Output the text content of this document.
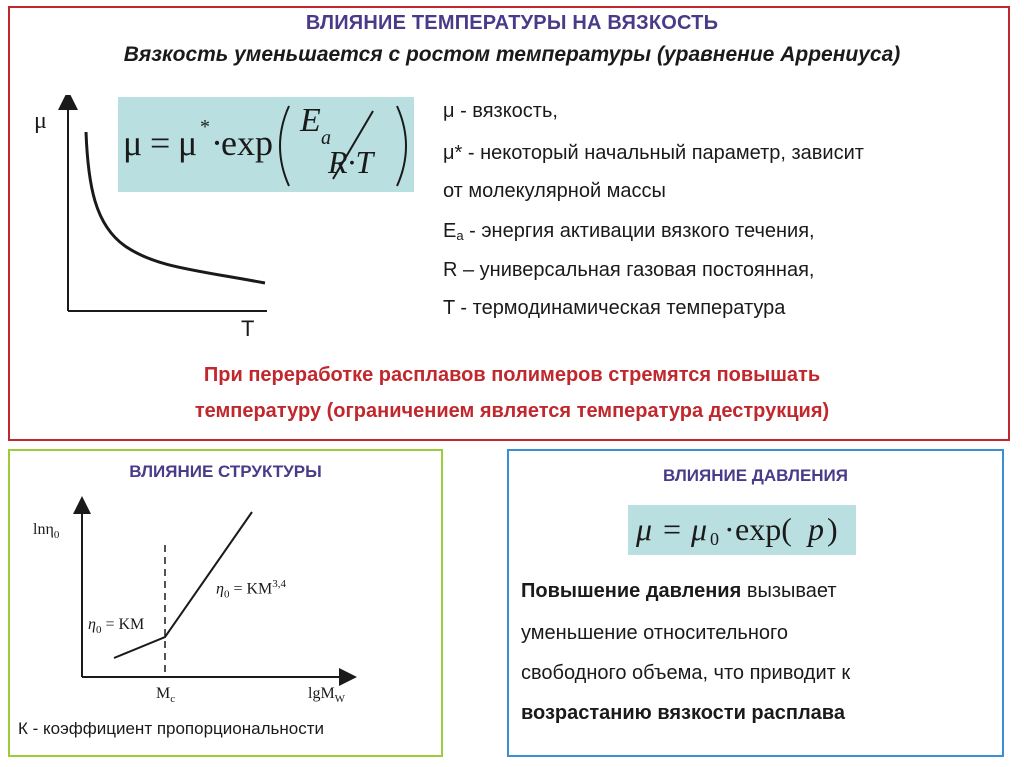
ВЛИЯНИЕ ТЕМПЕРАТУРЫ НА ВЯЗКОСТЬ
Вязкость уменьшается с ростом температуры (уравнение Аррениуса)
μ
T
μ = μ * ·
exp
E a
R·T
μ - вязкость,
μ* - некоторый начальный параметр, зависит
от молекулярной массы
$E_a$ - энергия активации вязкого течения,
R – универсальная газовая постоянная,
T - термодинамическая температура
При переработке расплавов полимеров стремятся повышать
температуру (ограничением является температура деструкция)
ВЛИЯНИЕ СТРУКТУРЫ
lnη$_0$
lgM$_W$
$M_c$
$\eta_0$ = KM
$\eta_0 = KM^{3,4}$
К - коэффициент пропорциональности
ВЛИЯНИЕ ДАВЛЕНИЯ
μ = μ 0 · exp( p )
Повышение давления вызывает
уменьшение относительного
свободного объема, что приводит к
возрастанию вязкости расплава
